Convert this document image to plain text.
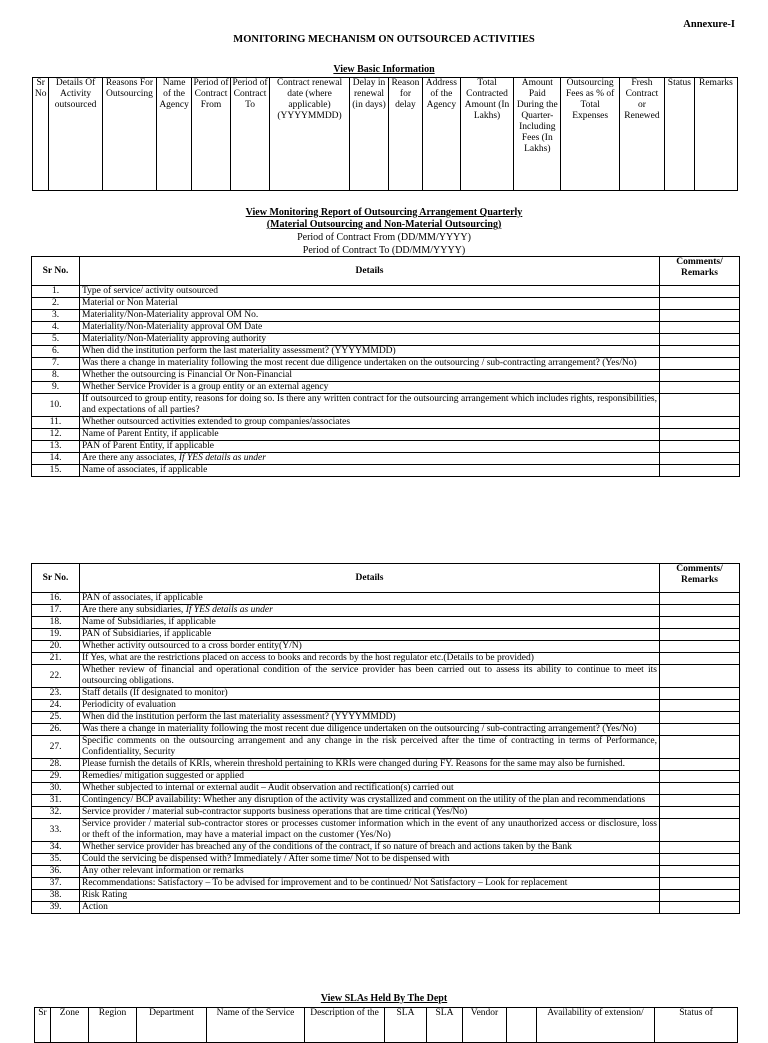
Annexure-I
MONITORING MECHANISM ON OUTSOURCED ACTIVITIES
View Basic Information
Sr No	Details Of Activity outsourced	Reasons For Outsourcing	Name of the Agency	Period of Contract From	Period of Contract To	Contract renewal date (where applicable) (YYYYMMDD)	Delay in renewal (in days)	Reason for delay	Address of the Agency	Total Contracted Amount (In Lakhs)	Amount Paid During the Quarter- Including Fees (In Lakhs)	Outsourcing Fees as % of Total Expenses	Fresh Contract or Renewed	Status	Remarks
View Monitoring Report of Outsourcing Arrangement Quarterly
(Material Outsourcing and Non-Material Outsourcing)
Period of Contract From (DD/MM/YYYY)
Period of Contract To (DD/MM/YYYY)
Sr No.	Details	Comments/ Remarks
1.	Type of service/ activity outsourced	
2.	Material or Non Material	
3.	Materiality/Non-Materiality approval OM No.	
4.	Materiality/Non-Materiality approval OM Date	
5.	Materiality/Non-Materiality approving authority	
6.	When did the institution perform the last materiality assessment? (YYYYMMDD)	
7.	Was there a change in materiality following the most recent due diligence undertaken on the outsourcing / sub-contracting arrangement? (Yes/No)	
8.	Whether the outsourcing is Financial Or Non-Financial	
9.	Whether Service Provider is a group entity or an external agency	
10.	If outsourced to group entity, reasons for doing so. Is there any written contract for the outsourcing arrangement which includes rights, responsibilities, and expectations of all parties?	
11.	Whether outsourced activities extended to group companies/associates	
12.	Name of Parent Entity, if applicable	
13.	PAN of Parent Entity, if applicable	
14.	Are there any associates, If YES details as under	
15.	Name of associates, if applicable	
Sr No.	Details	Comments/ Remarks
16.	PAN of associates, if applicable	
17.	Are there any subsidiaries, If YES details as under	
18.	Name of Subsidiaries, if applicable	
19.	PAN of Subsidiaries, if applicable	
20.	Whether activity outsourced to a cross border entity(Y/N)	
21.	If Yes, what are the restrictions placed on access to books and records by the host regulator etc.(Details to be provided)	
22.	Whether review of financial and operational condition of the service provider has been carried out to assess its ability to continue to meet its outsourcing obligations.	
23.	Staff details (If designated to monitor)	
24.	Periodicity of evaluation	
25.	When did the institution perform the last materiality assessment? (YYYYMMDD)	
26.	Was there a change in materiality following the most recent due diligence undertaken on the outsourcing / sub-contracting arrangement? (Yes/No)	
27.	Specific comments on the outsourcing arrangement and any change in the risk perceived after the time of contracting in terms of Performance, Confidentiality, Security	
28.	Please furnish the details of KRIs, wherein threshold pertaining to KRIs were changed during FY. Reasons for the same may also be furnished.	
29.	Remedies/ mitigation suggested or applied	
30.	Whether subjected to internal or external audit – Audit observation and rectification(s) carried out	
31.	Contingency/ BCP availability: Whether any disruption of the activity was crystallized and comment on the utility of the plan and recommendations	
32.	Service provider / material sub-contractor supports business operations that are time critical (Yes/No)	
33.	Service provider / material sub-contractor stores or processes customer information which in the event of any unauthorized access or disclosure, loss or theft of the information, may have a material impact on the customer (Yes/No)	
34.	Whether service provider has breached any of the conditions of the contract, if so nature of breach and actions taken by the Bank	
35.	Could the servicing be dispensed with? Immediately / After some time/ Not to be dispensed with	
36.	Any other relevant information or remarks	
37.	Recommendations: Satisfactory – To be advised for improvement and to be continued/ Not Satisfactory – Look for replacement	
38.	Risk Rating	
39.	Action	
View SLAs Held By The Dept
Sr	Zone	Region	Department	Name of the Service	Description of the	SLA	SLA	Vendor		Availability of extension/	Status of
